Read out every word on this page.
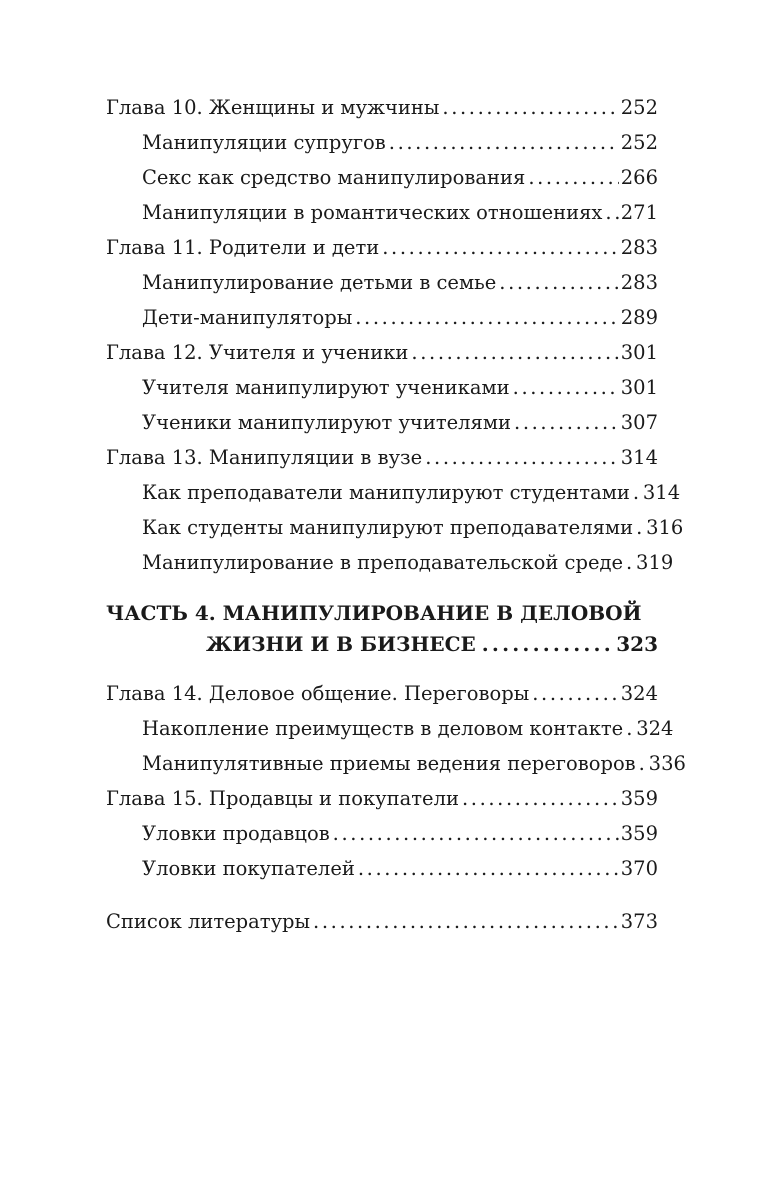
Глава 10. Женщины и мужчины .....	252
Манипуляции супругов .....	252
Секс как средство манипулирования .....	266
Манипуляции в романтических отношениях ..... 271
Глава 11. Родители и дети .....	283
Манипулирование детьми в семье .....	283
Дети-манипуляторы .....	289
Глава 12. Учителя и ученики .....	301
Учителя манипулируют учениками .....	301
Ученики манипулируют учителями .....	307
Глава 13. Манипуляции в вузе .....	314
Как преподаватели манипулируют студентами ..... 314
Как студенты манипулируют преподавателями ..... 316
Манипулирование в преподавательской среде ..... 319
ЧАСТЬ 4. МАНИПУЛИРОВАНИЕ В ДЕЛОВОЙ
ЖИЗНИ И В БИЗНЕСЕ .....	323
Глава 14. Деловое общение. Переговоры .....	324
Накопление преимуществ в деловом контакте ..... 324
Манипулятивные приемы ведения переговоров ..... 336
Глава 15. Продавцы и покупатели .....	359
Уловки продавцов .....	359
Уловки покупателей .....	370
Список литературы .....	373
